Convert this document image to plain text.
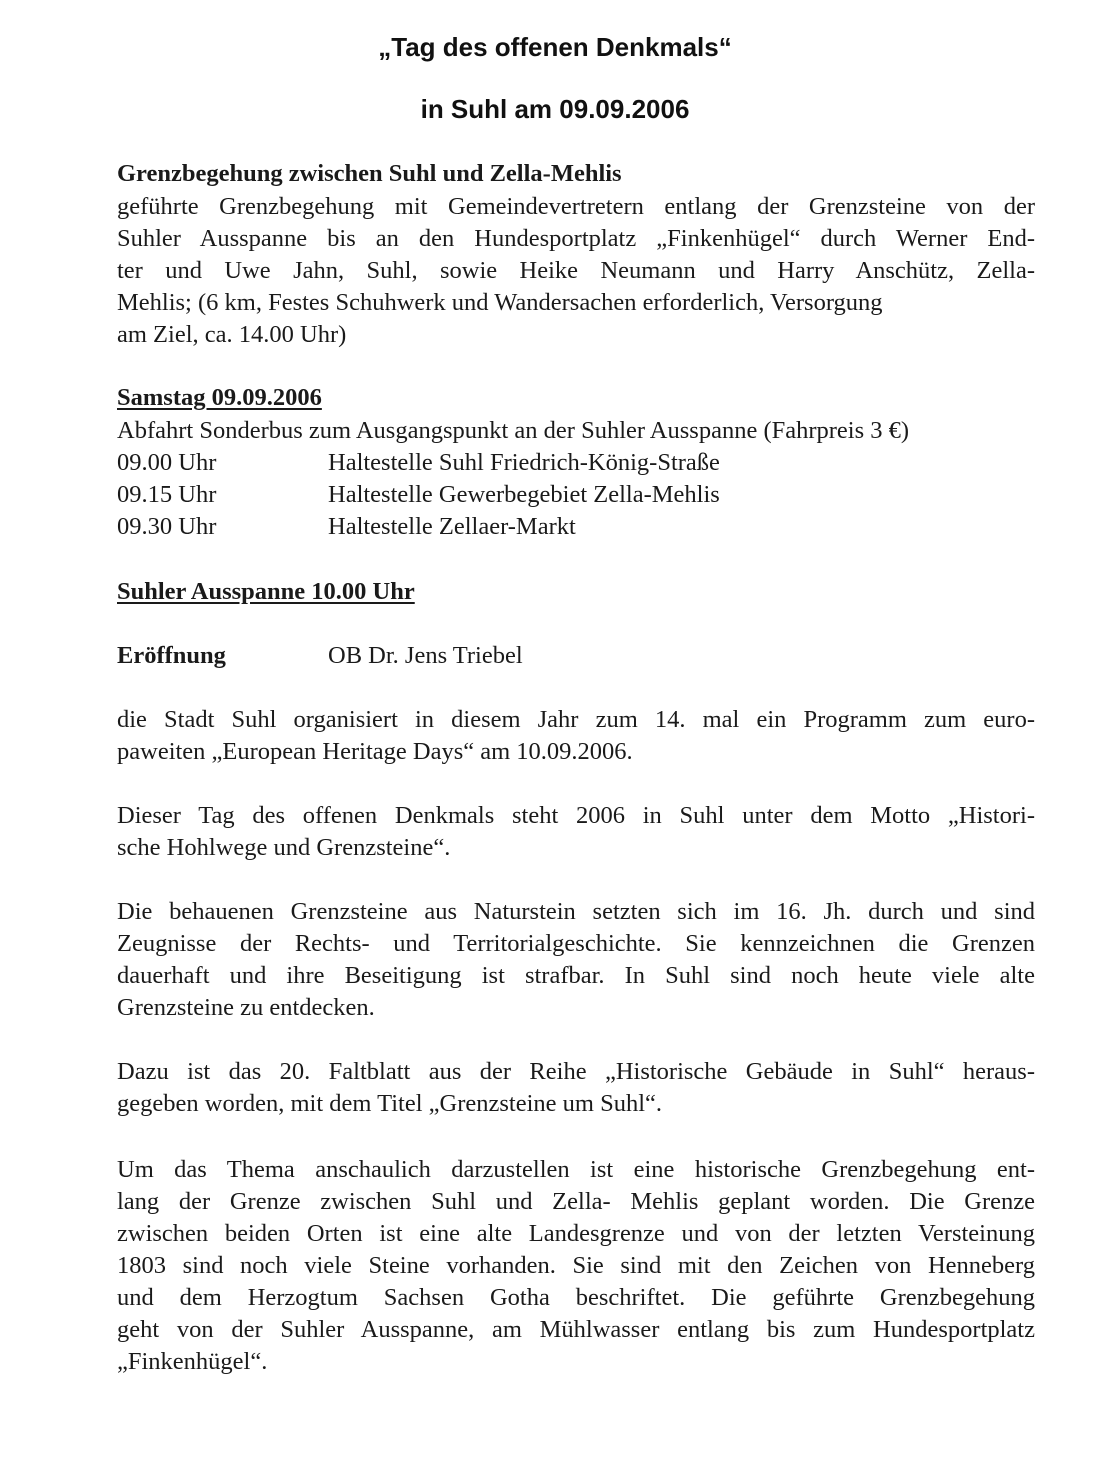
„Tag des offenen Denkmals“
in Suhl am 09.09.2006
Grenzbegehung zwischen Suhl und Zella-Mehlis
geführte Grenzbegehung mit Gemeindevertretern entlang der Grenzsteine von der
Suhler Ausspanne bis an den Hundesportplatz „Finkenhügel“ durch Werner End-
ter und Uwe Jahn, Suhl, sowie Heike Neumann und Harry Anschütz, Zella-
Mehlis; (6 km, Festes Schuhwerk und Wandersachen erforderlich, Versorgung
am Ziel, ca. 14.00 Uhr)
Samstag 09.09.2006
Abfahrt Sonderbus zum Ausgangspunkt an der Suhler Ausspanne (Fahrpreis 3 €)
09.00 Uhr	Haltestelle Suhl Friedrich-König-Straße
09.15 Uhr	Haltestelle Gewerbegebiet Zella-Mehlis
09.30 Uhr	Haltestelle Zellaer-Markt
Suhler Ausspanne 10.00 Uhr
Eröffnung	OB Dr. Jens Triebel
die Stadt Suhl organisiert in diesem Jahr zum 14. mal ein Programm zum euro-
paweiten „European Heritage Days“ am 10.09.2006.
Dieser Tag des offenen Denkmals steht 2006 in Suhl unter dem Motto „Histori-
sche Hohlwege und Grenzsteine“.
Die behauenen Grenzsteine aus Naturstein setzten sich im 16. Jh. durch und sind
Zeugnisse der Rechts- und Territorialgeschichte. Sie kennzeichnen die Grenzen
dauerhaft und ihre Beseitigung ist strafbar. In Suhl sind noch heute viele alte
Grenzsteine zu entdecken.
Dazu ist das 20. Faltblatt aus der Reihe „Historische Gebäude in Suhl“ heraus-
gegeben worden, mit dem Titel „Grenzsteine um Suhl“.
Um das Thema anschaulich darzustellen ist eine historische Grenzbegehung ent-
lang der Grenze zwischen Suhl und Zella- Mehlis geplant worden. Die Grenze
zwischen beiden Orten ist eine alte Landesgrenze und von der letzten Versteinung
1803 sind noch viele Steine vorhanden. Sie sind mit den Zeichen von Henneberg
und dem Herzogtum Sachsen Gotha beschriftet. Die geführte Grenzbegehung
geht von der Suhler Ausspanne, am Mühlwasser entlang bis zum Hundesportplatz
„Finkenhügel“.
